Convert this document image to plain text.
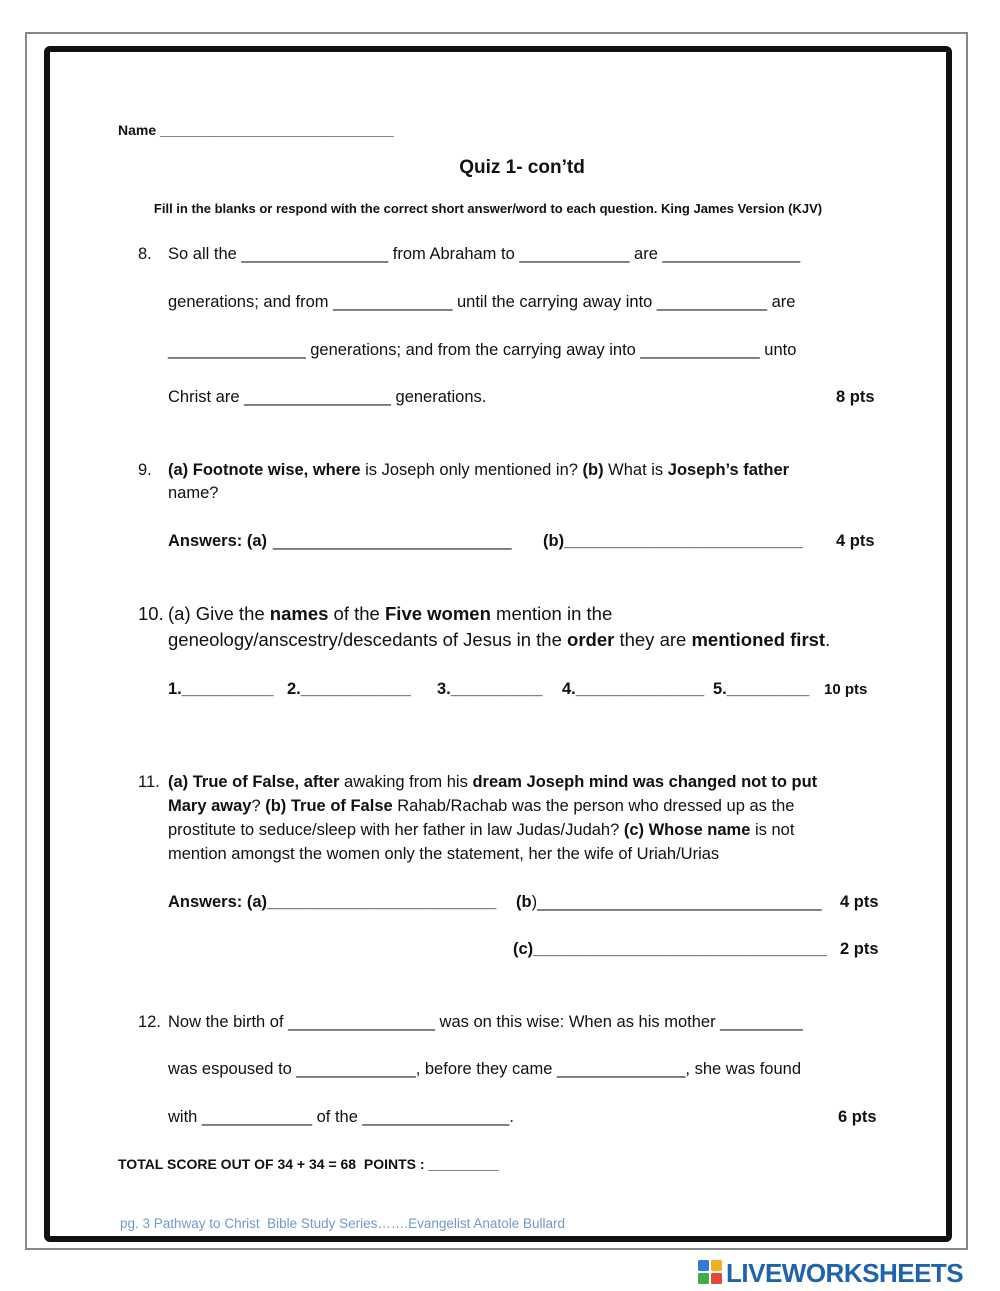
Name ______________________________
Quiz 1- con’td
Fill in the blanks or respond with the correct short answer/word to each question. King James Version (KJV)
8. So all the ________________ from Abraham to ____________ are _______________
generations; and from _____________ until the carrying away into ____________ are
_______________ generations; and from the carrying away into _____________ unto
Christ are ________________ generations.	8 pts
9. (a) Footnote wise, where is Joseph only mentioned in? (b) What is Joseph’s father
name?
Answers: (a) __________________________ (b)__________________________ 4 pts
10. (a) Give the names of the Five women mention in the
geneology/anscestry/descedants of Jesus in the order they are mentioned first.
1.__________ 2.____________ 3.__________ 4.______________ 5._________ 10 pts
11. (a) True of False, after awaking from his dream Joseph mind was changed not to put
Mary away? (b) True of False Rahab/Rachab was the person who dressed up as the
prostitute to seduce/sleep with her father in law Judas/Judah? (c) Whose name is not
mention amongst the women only the statement, her the wife of Uriah/Urias
Answers: (a)_________________________ (b)_______________________________ 4 pts
(c)________________________________ 2 pts
12. Now the birth of ________________ was on this wise: When as his mother _________
was espoused to _____________, before they came ______________, she was found
with ____________ of the ________________.	6 pts
TOTAL SCORE OUT OF 34 + 34 = 68  POINTS : _________
pg. 3 Pathway to Christ  Bible Study Series…….Evangelist Anatole Bullard
LIVEWORKSHEETS
